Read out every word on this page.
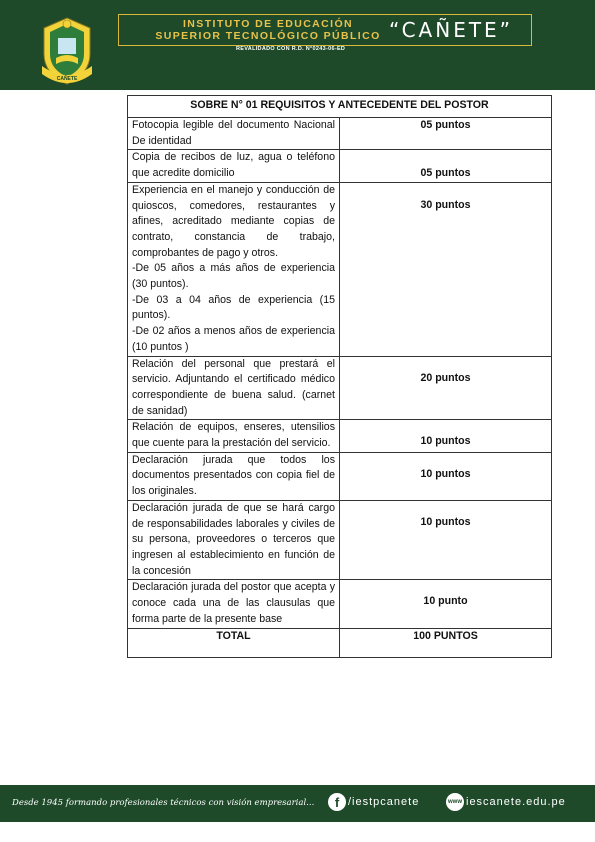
CAÑETE
INSTITUTO DE EDUCACIÓN
SUPERIOR TECNOLÓGICO PÚBLICO “CAÑETE”
REVALIDADO CON R.D. N°0243-06-ED
SOBRE N° 01 REQUISITOS Y ANTECEDENTE DEL POSTOR	
Fotocopia legible del documento Nacional De identidad	05 puntos
Copia de recibos de luz, agua o teléfono que acredite domicilio	05 puntos

Experiencia en el manejo y conducción de quioscos, comedores, restaurantes y afines, acreditado mediante copias de contrato, constancia de trabajo, comprobantes de pago y otros.
-De 05 años a más años de experiencia (30 puntos).
-De 03 a 04 años de experiencia (15 puntos).
-De 02 años a menos años de experiencia (10 puntos )	30 puntos
Relación del personal que prestará el servicio. Adjuntando el certificado médico correspondiente de buena salud. (carnet de sanidad)	20 puntos
Relación de equipos, enseres, utensilios que cuente para la prestación del servicio.	10 puntos
Declaración jurada que todos los documentos presentados con copia fiel de los originales.	10 puntos
Declaración jurada de que se hará cargo de responsabilidades laborales y civiles de su persona, proveedores o terceros que ingresen al establecimiento en función de la concesión	10 puntos
Declaración jurada del postor que acepta y conoce cada una de las clausulas que forma parte de la presente base	10 punto
TOTAL	100 PUNTOS
Desde 1945 formando profesionales técnicos con visión empresarial...	f /iestpcanete	www iescanete.edu.pe
